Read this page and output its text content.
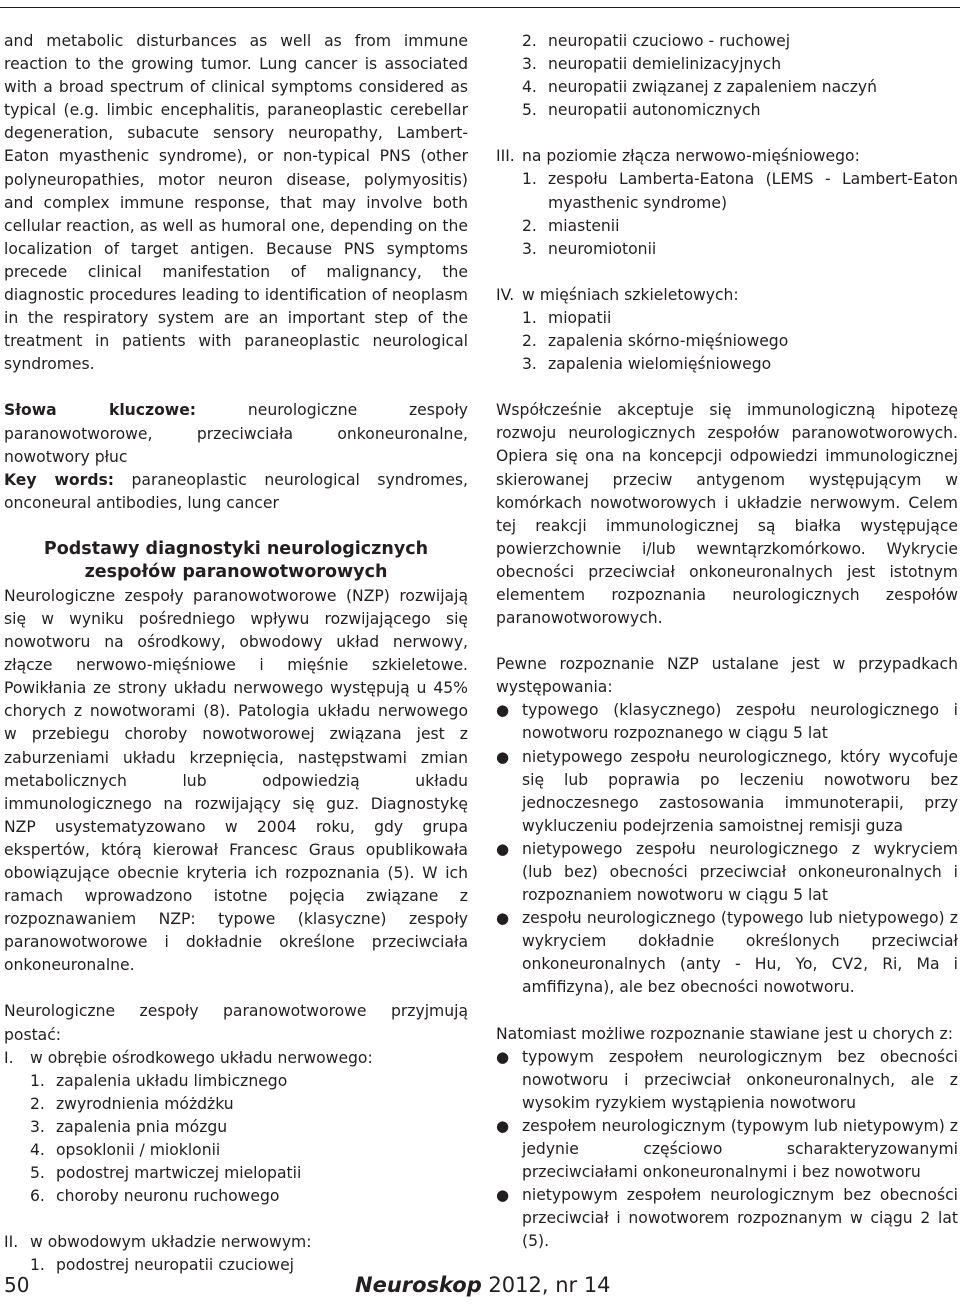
and metabolic disturbances as well as from immune reaction to the growing tumor. Lung cancer is associated with a broad spectrum of clinical symptoms considered as typical (e.g. limbic encephalitis, paraneoplastic cerebellar degeneration, subacute sensory neuropathy, Lambert-Eaton myasthenic syndrome), or non-typical PNS (other polyneuropathies, motor neuron disease, polymyositis) and complex immune response, that may involve both cellular reaction, as well as humoral one, depending on the localization of target antigen. Because PNS symptoms precede clinical manifestation of malignancy, the diagnostic procedures leading to identification of neoplasm in the respiratory system are an important step of the treatment in patients with paraneoplastic neurological syndromes.

Słowa kluczowe:	neurologiczne zespoły paranowotworowe, przeciwciała onkoneuronalne, nowotwory płuc

Key words: paraneoplastic neurological syndromes, onconeural antibodies, lung cancer

Podstawy diagnostyki neurologicznych
zespołów paranowotworowych

Neurologiczne zespoły paranowotworowe (NZP) rozwijają się w wyniku pośredniego wpływu rozwijającego się nowotworu na ośrodkowy, obwodowy układ nerwowy, złącze nerwowo-mięśniowe i mięśnie szkieletowe. Powikłania ze strony układu nerwowego występują u 45% chorych z nowotworami (8). Patologia układu nerwowego w przebiegu choroby nowotworowej związana jest z zaburzeniami układu krzepnięcia, następstwami zmian metabolicznych lub odpowiedzią układu immunologicznego na rozwijający się guz. Diagnostykę NZP usystematyzowano w 2004 roku, gdy grupa ekspertów, którą kierował Francesc Graus opublikowała obowiązujące obecnie kryteria ich rozpoznania (5). W ich ramach wprowadzono istotne pojęcia związane z rozpoznawaniem NZP: typowe (klasyczne) zespoły paranowotworowe i dokładnie określone przeciwciała onkoneuronalne.

Neurologiczne zespoły paranowotworowe przyjmują postać:

I.	w obrębie ośrodkowego układu nerwowego:
1. zapalenia układu limbicznego
2. zwyrodnienia móżdżku
3. zapalenia pnia mózgu
4. opsoklonii / mioklonii
5. podostrej martwiczej mielopatii
6. choroby neuronu ruchowego
II. w obwodowym układzie nerwowym:
1. podostrej neuropatii czuciowej
2. neuropatii czuciowo - ruchowej
3. neuropatii demielinizacyjnych
4. neuropatii związanej z zapaleniem naczyń
5. neuropatii autonomicznych
III. na poziomie złącza nerwowo-mięśniowego:
1. zespołu Lamberta-Eatona (LEMS - Lambert-Eaton myasthenic syndrome)
2. miastenii
3. neuromiotonii
IV. w mięśniach szkieletowych:
1. miopatii
2. zapalenia skórno-mięśniowego
3. zapalenia wielomięśniowego

Współcześnie akceptuje się immunologiczną hipotezę rozwoju neurologicznych zespołów paranowotworowych. Opiera się ona na koncepcji odpowiedzi immunologicznej skierowanej przeciw antygenom występującym w komórkach nowotworowych i układzie nerwowym. Celem tej reakcji immunologicznej są białka występujące powierzchownie i/lub wewntąrzkomórkowo. Wykrycie obecności przeciwciał onkoneuronalnych jest istotnym elementem rozpoznania neurologicznych zespołów paranowotworowych.

Pewne rozpoznanie NZP ustalane jest w przypadkach występowania:

● typowego (klasycznego) zespołu neurologicznego i nowotworu rozpoznanego w ciągu 5 lat
● nietypowego zespołu neurologicznego, który wycofuje się lub poprawia po leczeniu nowotworu bez jednoczesnego zastosowania immunoterapii, przy wykluczeniu podejrzenia samoistnej remisji guza
● nietypowego zespołu neurologicznego z wykryciem (lub bez) obecności przeciwciał onkoneuronalnych i rozpoznaniem nowotworu w ciągu 5 lat
● zespołu neurologicznego (typowego lub nietypowego) z wykryciem dokładnie określonych przeciwciał onkoneuronalnych (anty - Hu, Yo, CV2, Ri, Ma i amfifizyna), ale bez obecności nowotworu.

Natomiast możliwe rozpoznanie stawiane jest u chorych z:

● typowym zespołem neurologicznym bez obecności nowotworu i przeciwciał onkoneuronalnych, ale z wysokim ryzykiem wystąpienia nowotworu
● zespołem neurologicznym (typowym lub nietypowym) z jedynie częściowo scharakteryzowanymi przeciwciałami onkoneuronalnymi i bez nowotworu
● nietypowym zespołem neurologicznym bez obecności przeciwciał i nowotworem rozpoznanym w ciągu 2 lat (5).
50	Neuroskop 2012, nr 14
